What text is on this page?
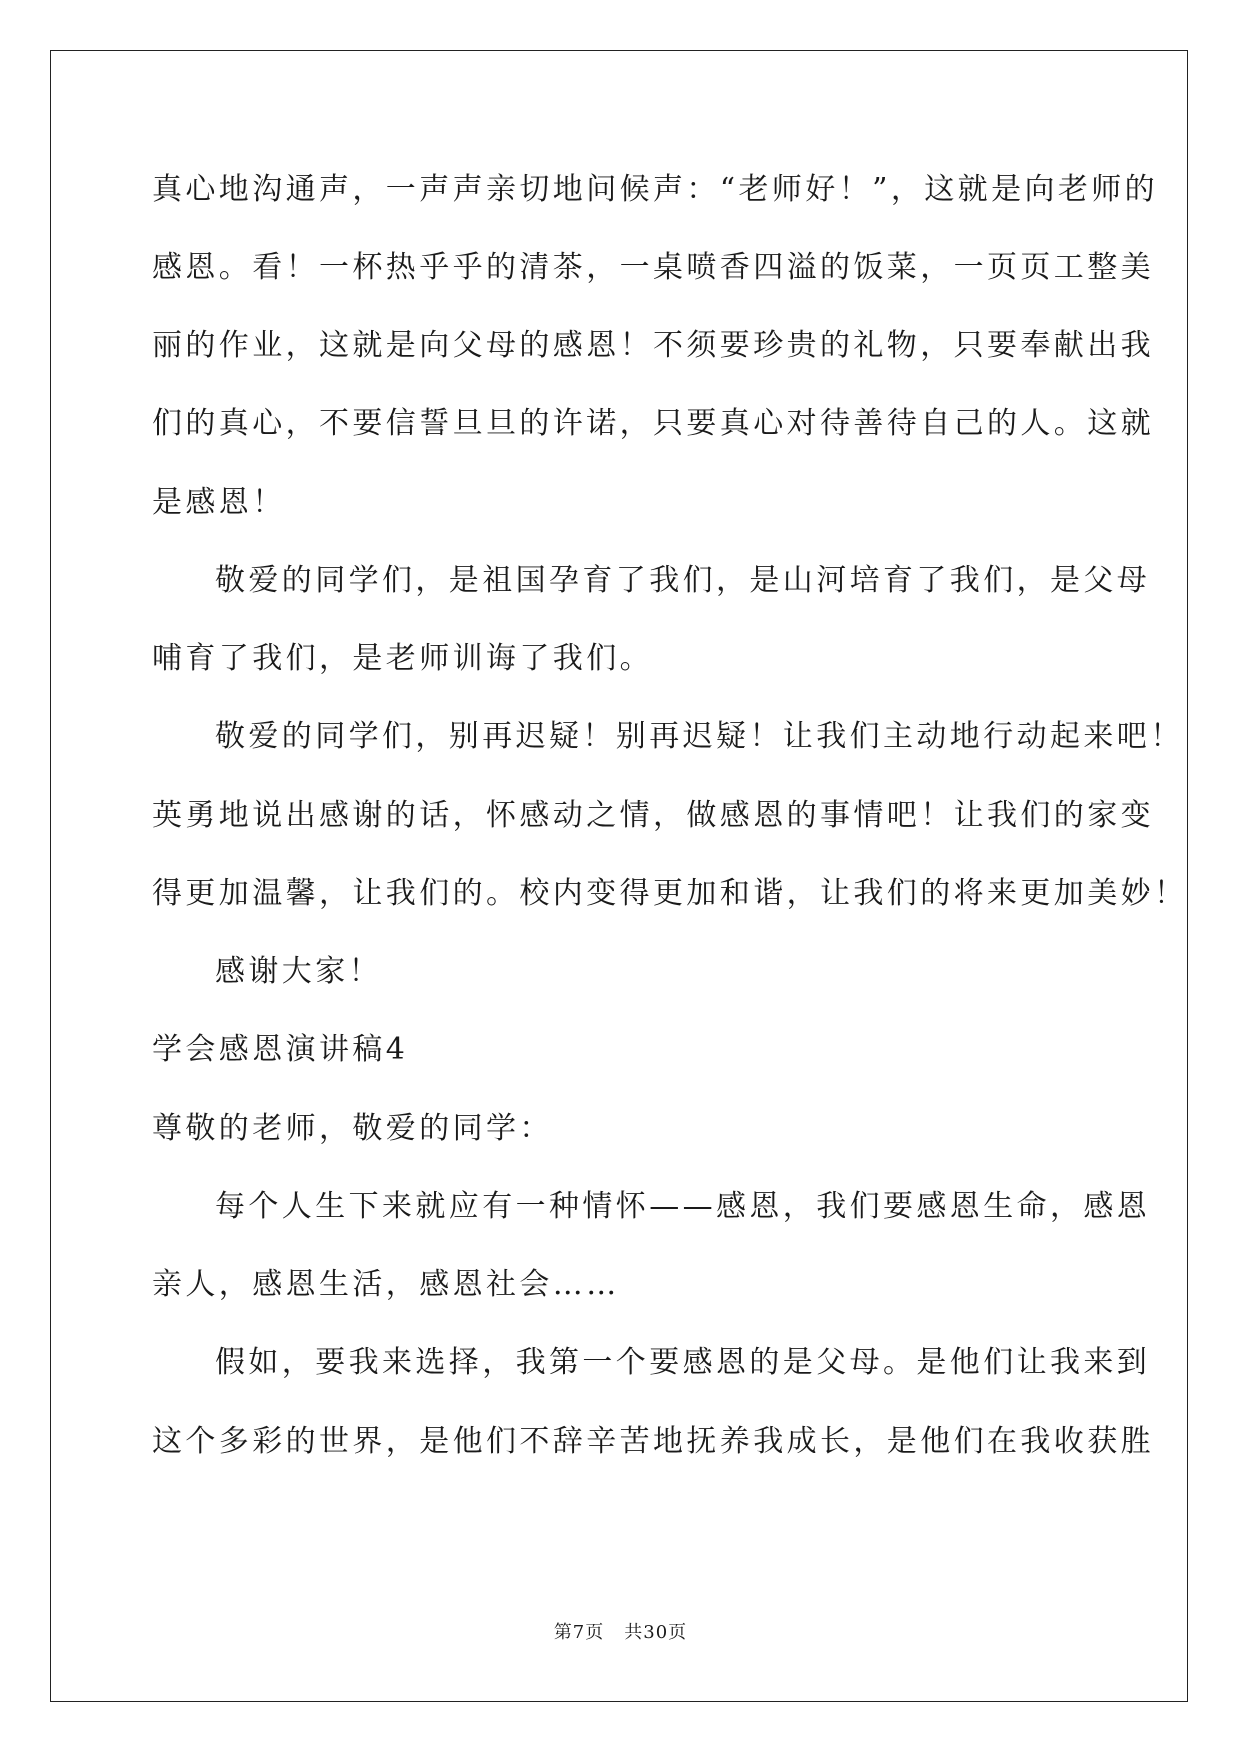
真心地沟通声，一声声亲切地问候声：“老师好！”，这就是向老师的
感恩。看！一杯热乎乎的清茶，一桌喷香四溢的饭菜，一页页工整美
丽的作业，这就是向父母的感恩！不须要珍贵的礼物，只要奉献出我
们的真心，不要信誓旦旦的许诺，只要真心对待善待自己的人。这就
是感恩！
敬爱的同学们，是祖国孕育了我们，是山河培育了我们，是父母
哺育了我们，是老师训诲了我们。
敬爱的同学们，别再迟疑！别再迟疑！让我们主动地行动起来吧！
英勇地说出感谢的话，怀感动之情，做感恩的事情吧！让我们的家变
得更加温馨，让我们的。校内变得更加和谐，让我们的将来更加美妙！
感谢大家！
学会感恩演讲稿4
尊敬的老师，敬爱的同学：
每个人生下来就应有一种情怀——感恩，我们要感恩生命，感恩
亲人，感恩生活，感恩社会……
假如，要我来选择，我第一个要感恩的是父母。是他们让我来到
这个多彩的世界，是他们不辞辛苦地抚养我成长，是他们在我收获胜
第7页 共30页
